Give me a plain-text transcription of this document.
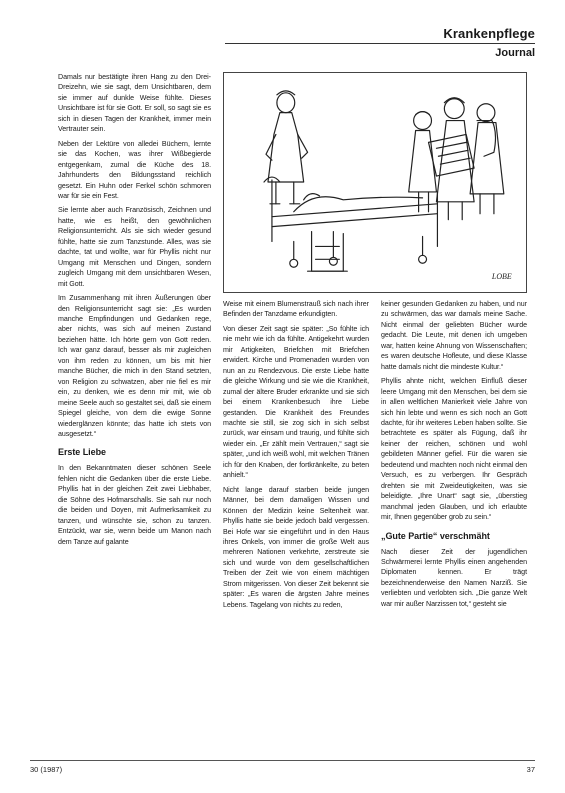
Krankenpflege
Journal

Damals nur bestätigte ihren Hang zu den Drei-Dreizehn, wie sie sagt, dem Unsichtbaren, dem sie immer auf dunkle Weise fühlte. Dieses Unsichtbare ist für sie Gott. Er soll, so sagt sie es sich in diesen Tagen der Krankheit, immer mein Vertrauter sein.

Neben der Lektüre von alledei Büchern, lernte sie das Kochen, was ihrer Wißbegierde entgegenkam, zumal die Küche des 18. Jahrhunderts den Bildungsstand reichlich gesetzt. Ein Huhn oder Ferkel schön schmoren war für sie ein Fest.

Sie lernte aber auch Französisch, Zeichnen und hatte, wie es heißt, den gewöhnlichen Religionsunterricht. Als sie sich wieder gesund fühlte, hatte sie zum Tanzstunde. Alles, was sie dachte, tat und wollte, war für Phyllis nicht nur Umgang mit Menschen und Dingen, sondern zugleich Umgang mit dem unsichtbaren Wesen, mit Gott.

Im Zusammenhang mit ihren Äußerungen über den Religionsunterricht sagt sie: „Es wurden manche Empfindungen und Gedanken rege, aber nichts, was sich auf meinen Zustand beziehen hätte. Ich hörte gern von Gott reden. Ich war ganz darauf, besser als mir zugleichen von ihm reden zu können, um bis mit hier manche Bücher, die mich in den Stand setzten, von Religion zu schwatzen, aber nie fiel es mir ein, zu denken, wie es denn mir mit, wie ob meine Seele auch so gestaltet sei, daß sie einem Spiegel gleiche, von dem die ewige Sonne wiederglänzen könnte; das hatte ich stets von ausgesetzt.“

Erste Liebe

In den Bekanntmaten dieser schönen Seele fehlen nicht die Gedanken über die erste Liebe. Phyllis hat in der gleichen Zeit zwei Liebhaber, die Söhne des Hofmarschalls. Sie sah nur noch die beiden und Doyen, mit Aufmerksamkeit zu tanzen, und wünschte sie, schon zu tanzen. Entzückt, war sie, wenn beide um Manon nach dem Tanze auf galante

LOBE

Weise mit einem Blumenstrauß sich nach ihrer Befinden der Tanzdame erkundigten.

Von dieser Zeit sagt sie später: „So fühlte ich nie mehr wie ich da fühlte. Antigekehrt wurden mir Artigkeiten, Briefchen mit Briefchen erwidert. Kirche und Promenaden wurden von nun an zu Rendezvous. Die erste Liebe hatte die gleiche Wirkung und sie wie die Krankheit, zumal der ältere Bruder erkrankte und sie sich bei einem Krankenbesuch ihre Liebe gestanden. Die Krankheit des Freundes machte sie still, sie zog sich in sich selbst zurück, war einsam und traurig, und fühlte sich wieder ein. „Er zählt mein Vertrauen,“ sagt sie später, „und ich weiß wohl, mit welchen Tränen ich für den Knaben, der fortkränkelte, zu beten anhielt.“

Nicht lange darauf starben beide jungen Männer, bei dem damaligen Wissen und Können der Medizin keine Seltenheit war. Phyllis hatte sie beide jedoch bald vergessen. Bei Hofe war sie eingeführt und in den Haus ihres Onkels, von immer die große Welt aus mehreren Nationen verkehrte, zerstreute sie sich und wurde von dem gesellschaftlichen Treiben der Zeit wie von einem mächtigen Strom mitgerissen. Von dieser Zeit bekennt sie später: „Es waren die ärgsten Jahre meines Lebens. Tagelang von nichts zu reden,

keiner gesunden Gedanken zu haben, und nur zu schwärmen, das war damals meine Sache. Nicht einmal der geliebten Bücher wurde gedacht. Die Leute, mit denen ich umgeben war, hatten keine Ahnung von Wissenschaften; es waren deutsche Hofleute, und diese Klasse hatte damals nicht die mindeste Kultur.“

Phyllis ahnte nicht, welchen Einfluß dieser leere Umgang mit den Menschen, bei dem sie in allen weltlichen Manierkeit viele Jahre von sich hin lebte und wenn es sich noch an Gott dachte, für ihr weiteres Leben haben sollte. Sie betrachtete es später als Fügung, daß ihr keiner der reichen, schönen und wohl gebildeten Männer gefiel. Für die waren sie bedeutend und machten noch nicht einmal den Versuch, es zu verbergen. Ihr Gespräch drehten sie mit Zweideutigkeiten, was sie beleidigte. „Ihre Unart“ sagt sie, „überstieg manchmal jeden Glauben, und ich erlaubte mir, Ihnen gegenüber grob zu sein.“

„Gute Partie“ verschmäht

Nach dieser Zeit der jugendlichen Schwärmerei lernte Phyllis einen angehenden Diplomaten kennen. Er trägt bezeichnenderweise den Namen Narziß. Sie verliebten und verlobten sich. „Die ganze Welt war mir außer Narzissen tot,“ gesteht sie

30 (1987)	37
